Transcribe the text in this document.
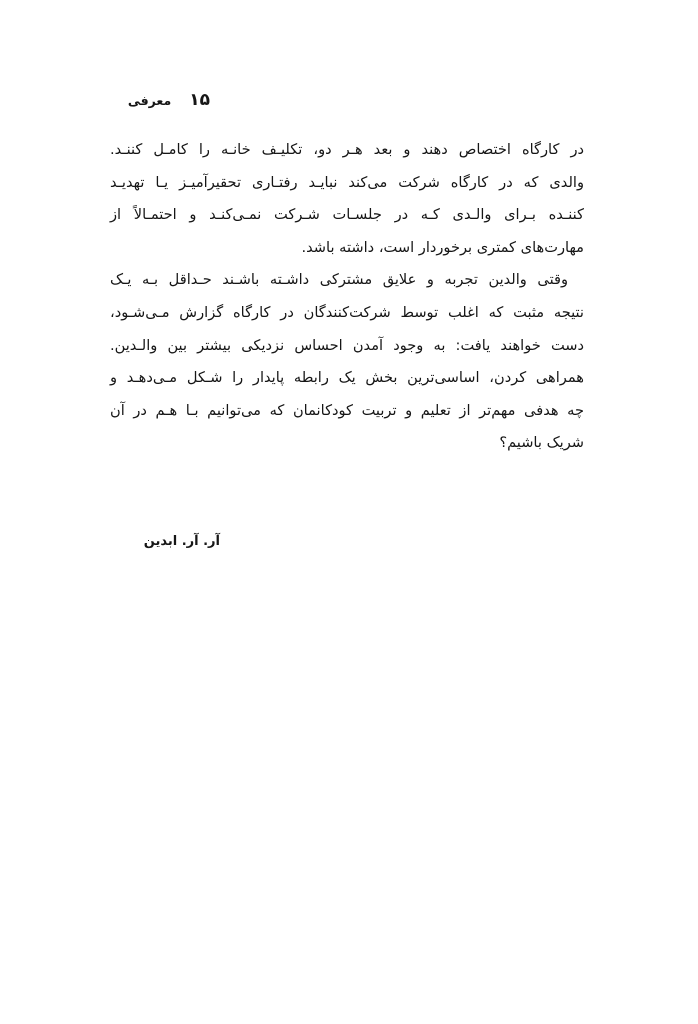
معرفی ۱۵
در کارگاه اختصاص دهند و بعد هـر دو، تکلیـف خانـه را کامـل کننـد.
والدی که در کارگاه شرکت می‌کند نبایـد رفتـاری تحقیرآمیـز یـا تهدیـد
کننـده بـرای والـدی کـه در جلسـات شـرکت نمـی‌کنـد و احتمـالاً از
مهارت‌های کمتری برخوردار است، داشته باشد.
وقتی والدین تجربه و علایق مشترکی داشـته باشـند حـداقل بـه یـک
نتیجه مثبت که اغلب توسط شرکت‌کنندگان در کارگاه گزارش مـی‌شـود،
دست خواهند یافت: به وجود آمدن احساس نزدیکی بیشتر بین والـدین.
همراهی کردن، اساسی‌ترین بخش یک رابطه پایدار را شـکل مـی‌دهـد و
چه هدفی مهم‌تر از تعلیم و تربیت کودکانمان که می‌توانیم بـا هـم در آن
شریک باشیم؟
آر. آر. ابدین
